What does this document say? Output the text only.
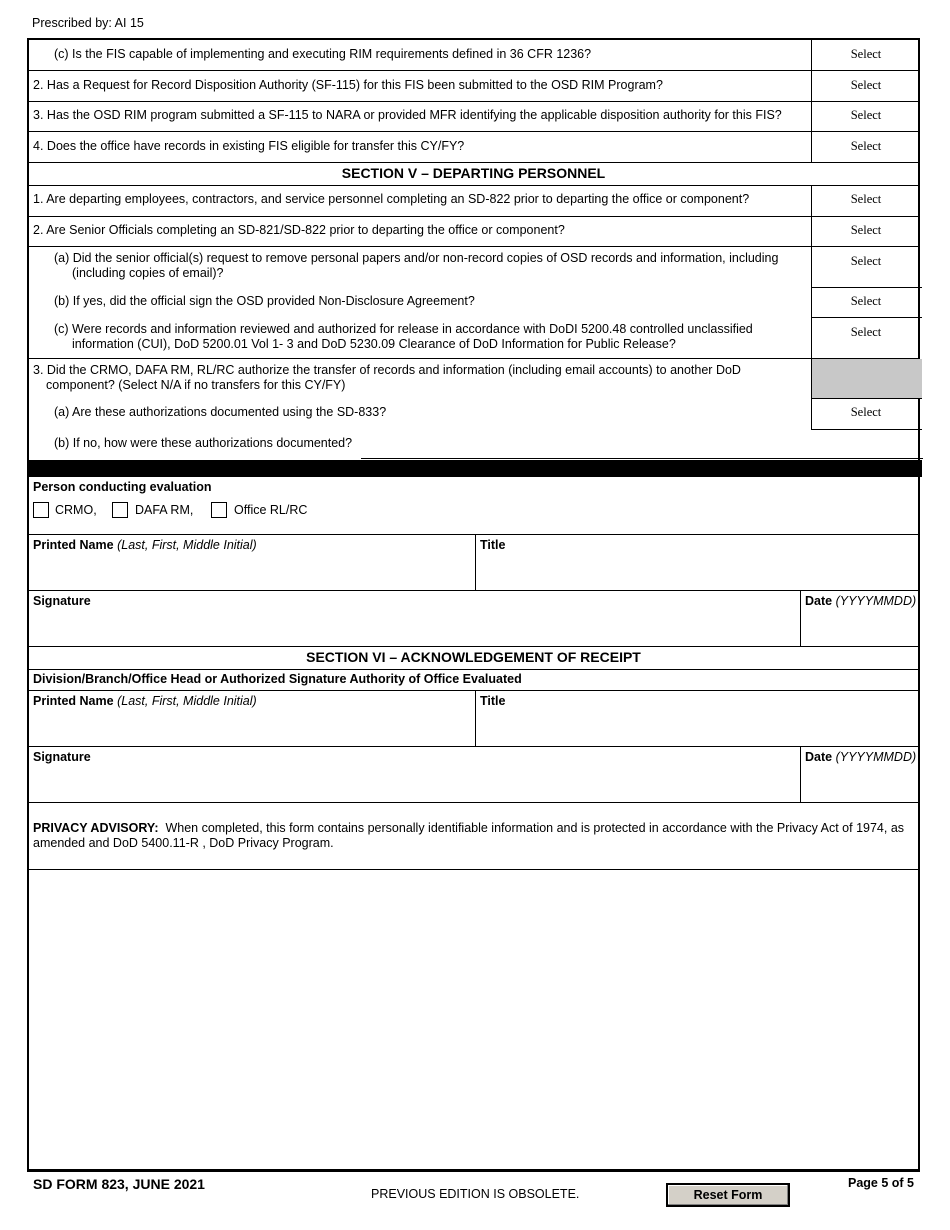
Prescribed by: AI 15
(c) Is the FIS capable of implementing and executing RIM requirements defined in 36 CFR 1236?	Select
2. Has a Request for Record Disposition Authority (SF-115) for this FIS been submitted to the OSD RIM Program?	Select
3. Has the OSD RIM program submitted a SF-115 to NARA or provided MFR identifying the applicable disposition authority for this FIS?	Select
4. Does the office have records in existing FIS eligible for transfer this CY/FY?	Select
SECTION V – DEPARTING PERSONNEL
1. Are departing employees, contractors, and service personnel completing an SD-822 prior to departing the office or component?	Select
2. Are Senior Officials completing an SD-821/SD-822 prior to departing the office or component?	Select
(a) Did the senior official(s) request to remove personal papers and/or non-record copies of OSD records and information, including
(including copies of email)?
Select
(b) If yes, did the official sign the OSD provided Non-Disclosure Agreement?	Select
(c) Were records and information reviewed and authorized for release in accordance with DoDI 5200.48 controlled unclassified
information (CUI), DoD 5200.01 Vol 1- 3 and DoD 5230.09 Clearance of DoD Information for Public Release?
Select
3. Did the CRMO, DAFA RM, RL/RC authorize the transfer of records and information (including email accounts) to another DoD
component? (Select N/A if no transfers for this CY/FY)
(a) Are these authorizations documented using the SD-833?	Select
(b) If no, how were these authorizations documented?
Person conducting evaluation
CRMO,	DAFA RM,	Office RL/RC
Printed Name (Last, First, Middle Initial)	Title
Signature	Date (YYYYMMDD)
SECTION VI – ACKNOWLEDGEMENT OF RECEIPT
Division/Branch/Office Head or Authorized Signature Authority of Office Evaluated
Printed Name (Last, First, Middle Initial)	Title
Signature	Date (YYYYMMDD)
PRIVACY ADVISORY: When completed, this form contains personally identifiable information and is protected in accordance with the Privacy Act of 1974, as amended and DoD 5400.11-R , DoD Privacy Program.
SD FORM 823, JUNE 2021
PREVIOUS EDITION IS OBSOLETE.	Reset Form
Page 5 of 5
